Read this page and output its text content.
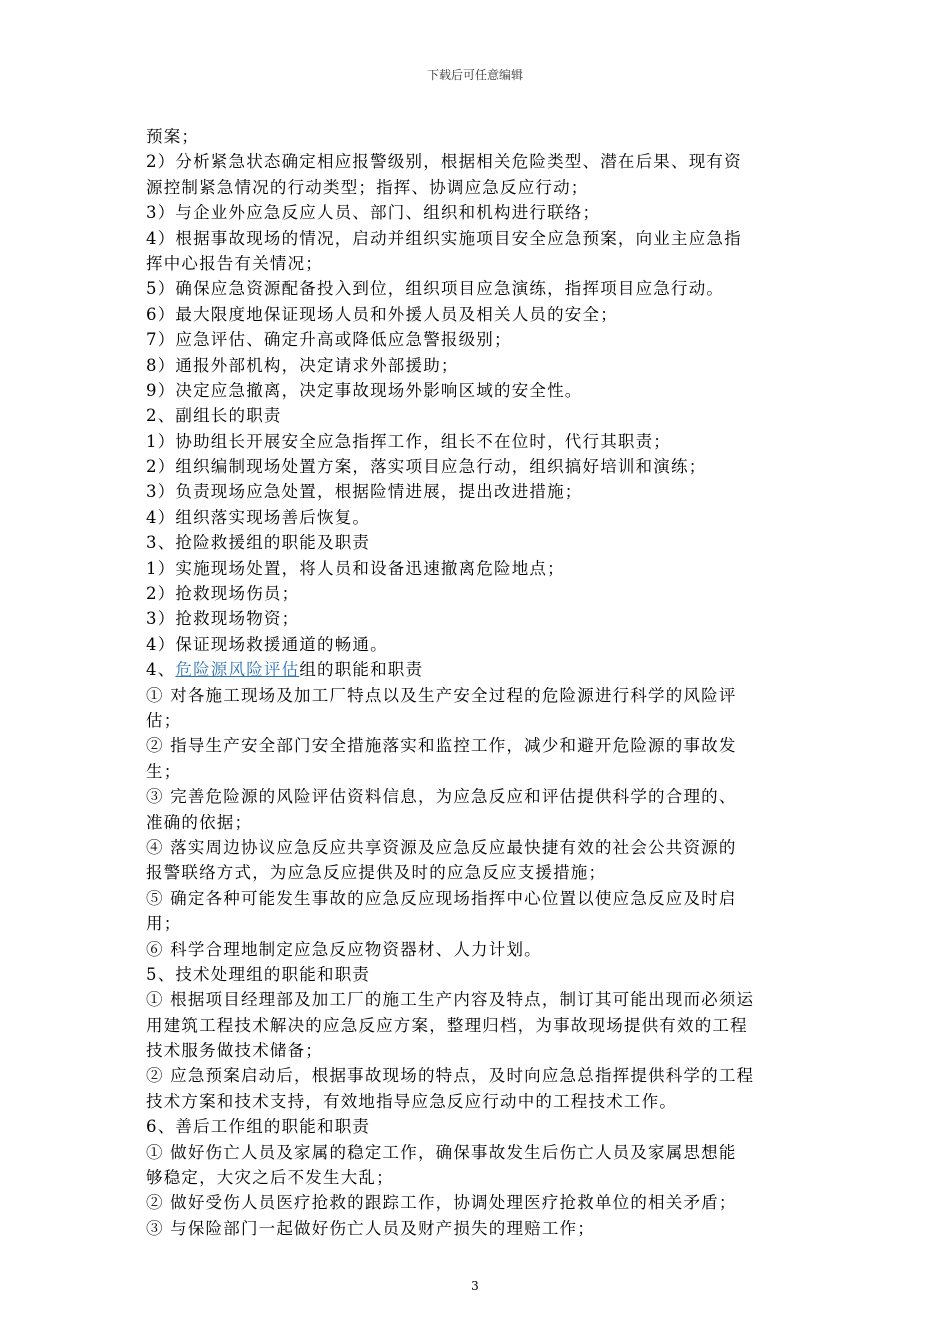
下载后可任意编辑
预案；
2）分析紧急状态确定相应报警级别，根据相关危险类型、潜在后果、现有资
源控制紧急情况的行动类型；指挥、协调应急反应行动；
3）与企业外应急反应人员、部门、组织和机构进行联络；
4）根据事故现场的情况，启动并组织实施项目安全应急预案，向业主应急指
挥中心报告有关情况；
5）确保应急资源配备投入到位，组织项目应急演练，指挥项目应急行动。
6）最大限度地保证现场人员和外援人员及相关人员的安全；
7）应急评估、确定升高或降低应急警报级别；
8）通报外部机构，决定请求外部援助；
9）决定应急撤离，决定事故现场外影响区域的安全性。
2、副组长的职责
1）协助组长开展安全应急指挥工作，组长不在位时，代行其职责；
2）组织编制现场处置方案，落实项目应急行动，组织搞好培训和演练；
3）负责现场应急处置，根据险情进展，提出改进措施；
4）组织落实现场善后恢复。
3、抢险救援组的职能及职责
1）实施现场处置，将人员和设备迅速撤离危险地点；
2）抢救现场伤员；
3）抢救现场物资；
4）保证现场救援通道的畅通。
4、危险源风险评估组的职能和职责
① 对各施工现场及加工厂特点以及生产安全过程的危险源进行科学的风险评
估；
② 指导生产安全部门安全措施落实和监控工作，减少和避开危险源的事故发
生；
③ 完善危险源的风险评估资料信息，为应急反应和评估提供科学的合理的、
准确的依据；
④ 落实周边协议应急反应共享资源及应急反应最快捷有效的社会公共资源的
报警联络方式，为应急反应提供及时的应急反应支援措施；
⑤ 确定各种可能发生事故的应急反应现场指挥中心位置以使应急反应及时启
用；
⑥ 科学合理地制定应急反应物资器材、人力计划。
5、技术处理组的职能和职责
① 根据项目经理部及加工厂的施工生产内容及特点，制订其可能出现而必须运
用建筑工程技术解决的应急反应方案，整理归档，为事故现场提供有效的工程
技术服务做技术储备；
② 应急预案启动后，根据事故现场的特点，及时向应急总指挥提供科学的工程
技术方案和技术支持，有效地指导应急反应行动中的工程技术工作。
6、善后工作组的职能和职责
① 做好伤亡人员及家属的稳定工作，确保事故发生后伤亡人员及家属思想能
够稳定，大灾之后不发生大乱；
② 做好受伤人员医疗抢救的跟踪工作，协调处理医疗抢救单位的相关矛盾；
③ 与保险部门一起做好伤亡人员及财产损失的理赔工作；
3
